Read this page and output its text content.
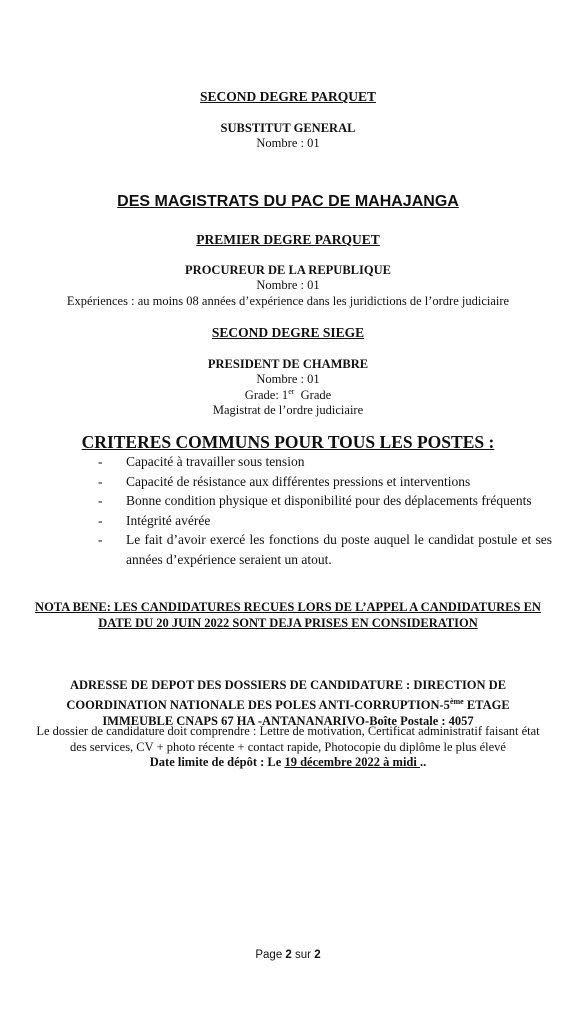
SECOND DEGRE PARQUET
SUBSTITUT GENERAL
Nombre : 01
DES MAGISTRATS DU PAC DE MAHAJANGA
PREMIER DEGRE PARQUET
PROCUREUR DE LA REPUBLIQUE
Nombre : 01
Expériences : au moins 08 années d’expérience dans les juridictions de l’ordre judiciaire
SECOND DEGRE SIEGE
PRESIDENT DE CHAMBRE
Nombre : 01
Grade: 1er  Grade
Magistrat de l’ordre judiciaire
CRITERES COMMUNS POUR TOUS LES POSTES :
- Capacité à travailler sous tension
- Capacité de résistance aux différentes pressions et interventions
- Bonne condition physique et disponibilité pour des déplacements fréquents
- Intégrité avérée
- Le fait d’avoir exercé les fonctions du poste auquel le candidat postule et ses années d’expérience seraient un atout.
NOTA BENE: LES CANDIDATURES RECUES LORS DE L’APPEL A CANDIDATURES EN
DATE DU 20 JUIN 2022 SONT DEJA PRISES EN CONSIDERATION
ADRESSE DE DEPOT DES DOSSIERS DE CANDIDATURE : DIRECTION DE
COORDINATION NATIONALE DES POLES ANTI-CORRUPTION-5ème ETAGE
IMMEUBLE CNAPS 67 HA -ANTANANARIVO-Boîte Postale : 4057
Le dossier de candidature doit comprendre : Lettre de motivation, Certificat administratif faisant état
des services, CV + photo récente + contact rapide, Photocopie du diplôme le plus élevé
Date limite de dépôt : Le 19 décembre 2022 à midi ..
Page 2 sur 2
